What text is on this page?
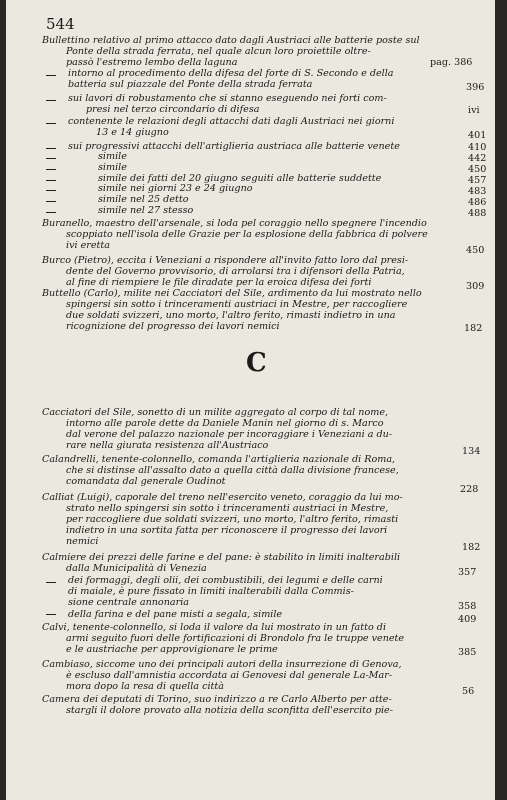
544
Bullettino relativo al primo attacco dato dagli Austriaci alle batterie poste sul
Ponte della strada ferrata, nel quale alcun loro proiettile oltre-
passò l'estremo lembo della laguna	pag. 386
intorno al procedimento della difesa del forte di S. Secondo e della
batteria sul piazzale del Ponte della strada ferrata	396
sui lavori di robustamento che si stanno eseguendo nei forti com-
presi nel terzo circondario di difesa	ivi
contenente le relazioni degli attacchi dati dagli Austriaci nei giorni
13 e 14 giugno	401
sui progressivi attacchi dell'artiglieria austriaca alle batterie venete	410
simile	442
simile	450
simile dei fatti del 20 giugno seguiti alle batterie suddette	457
simile nei giorni 23 e 24 giugno	483
simile nel 25 detto	486
simile nel 27 stesso	488
Buranello, maestro dell'arsenale, si loda pel coraggio nello spegnere l'incendio
scoppiato nell'isola delle Grazie per la esplosione della fabbrica di polvere
ivi eretta	450
Burco (Pietro), eccita i Veneziani a rispondere all'invito fatto loro dal presi-
dente del Governo provvisorio, di arrolarsi tra i difensori della Patria,
al fine di riempiere le file diradate per la eroica difesa dei forti	309
Buttello (Carlo), milite nei Cacciatori del Sile, ardimento da lui mostrato nello
spingersi sin sotto i trinceramenti austriaci in Mestre, per raccogliere
due soldati svizzeri, uno morto, l'altro ferito, rimasti indietro in una
ricognizione del progresso dei lavori nemici	182
C
Cacciatori del Sile, sonetto di un milite aggregato al corpo di tal nome,
intorno alle parole dette da Daniele Manin nel giorno di s. Marco
dal verone del palazzo nazionale per incoraggiare i Veneziani a du-
rare nella giurata resistenza all'Austriaco
134
Calandrelli, tenente-colonnello, comanda l'artiglieria nazionale di Roma,
che si distinse all'assalto dato a quella città dalla divisione francese,
comandata dal generale Oudinot
228
Calliat (Luigi), caporale del treno nell'esercito veneto, coraggio da lui mo-
strato nello spingersi sin sotto i trinceramenti austriaci in Mestre,
per raccogliere due soldati svizzeri, uno morto, l'altro ferito, rimasti
indietro in una sortita fatta per riconoscere il progresso dei lavori
nemici
182
Calmiere dei prezzi delle farine e del pane: è stabilito in limiti inalterabili
dalla Municipalità di Venezia	357
dei formaggi, degli olii, dei combustibili, dei legumi e delle carni
di maiale, è pure fissato in limiti inalterabili dalla Commis-
sione centrale annonaria	358
della farina e del pane misti a segala, simile	409
Calvi, tenente-colonnello, si loda il valore da lui mostrato in un fatto di
armi seguito fuori delle fortificazioni di Brondolo fra le truppe venete
e le austriache per approvigionare le prime	385
Cambiaso, siccome uno dei principali autori della insurrezione di Genova,
è escluso dall'amnistia accordata ai Genovesi dal generale La-Mar-
mora dopo la resa di quella città	56
Camera dei deputati di Torino, suo indirizzo a re Carlo Alberto per atte-
stargli il dolore provato alla notizia della sconfitta dell'esercito pie-
